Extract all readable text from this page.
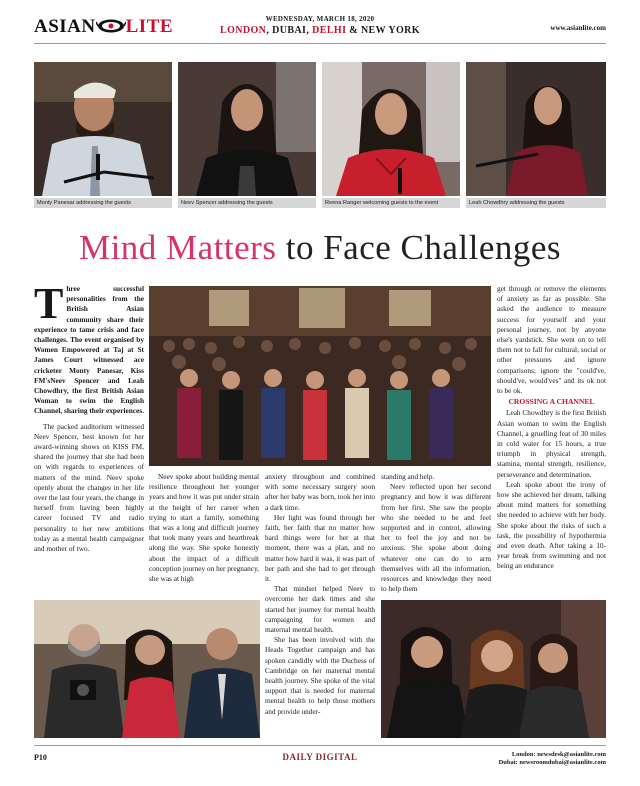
ASIAN LITE	WEDNESDAY, MARCH 18, 2020
LONDON, DUBAI, DELHI & NEW YORK	www.asianlite.com
Monty Panesar addressing the guests	Neev Spencer addressing the guests	Reena Ranger welcoming guests to the event	Leah Chowdhry addressing the guests
Mind Matters to Face Challenges

Three successful personalities from the British Asian community share their experience to tame crisis and face challenges. The event organised by Women Empowered at Taj at St James Court witnessed ace cricketer Monty Panesar, Kiss FM'sNeev Spencer and Leah Chowdhry, the first British Asian Woman to swim the English Channel, sharing their experiences.

The packed auditorium witnessed Neev Spencer, best known for her award-winning shows on KISS FM, shared the journey that she had been on with regards to experiences of matters of the mind. Neev spoke openly about the changes in her life over the last four years, the change in herself from having been highly career focused TV and radio personality to her new ambitions today as a mental health campaigner and mother of two.

Neev spoke about building mental resilience throughout her younger years and how it was put under strain at the height of her career when trying to start a family, something that was a long and difficult journey that took many years and heartbreak along the way. She spoke honestly about the impact of a difficult conception journey on her pregnancy, she was at high

anxiety throughout and combined with some necessary surgery soon after her baby was born, took her into a dark time.

Her light was found through her faith, her faith that no matter how hard things were for her at that moment, there was a plan, and no matter how hard it was, it was part of her path and she had to get through it.

That mindset helped Neev to overcome her dark times and she started her journey for mental health campaigning for women and maternal mental health.

She has been involved with the Heads Together campaign and has spoken candidly with the Duchess of Cambridge on her maternal mental health journey. She spoke of the vital support that is needed for maternal mental health to help those mothers and provide under-

standing and help.

Neev reflected upon her second pregnancy and how it was different from her first. She saw the people who she needed to be and feel supported and in control, allowing her to feel the joy and not be anxious. She spoke about doing whatever one can do to arm themselves with all the information, resources and knowledge they need to help them

get through or remove the elements of anxiety as far as possible. She asked the audience to measure success for yourself and your personal journey, not by anyone else's yardstick. She went on to tell them not to fall for cultural, social or other pressures and ignore comparisons; ignore the "could've, should've, would'ves" and its ok not to be ok.

CROSSING A CHANNEL

Leah Chowdhry is the first British Asian woman to swim the English Channel, a gruelling feat of 30 miles in cold water for 15 hours, a true triumph in physical strength, stamina, mental strength, resilience, perseverance and determination.

Leah spoke about the irony of how she achieved her dream, talking about mind matters for something she needed to achieve with her body. She spoke about the risks of such a task, the possibility of hypothermia and even death. After taking a 10-year break from swimming and not being an endurance

P10	DAILY DIGITAL	London: newsdesk@asianlite.com
Dubai: newsroomdubai@asianlite.com
